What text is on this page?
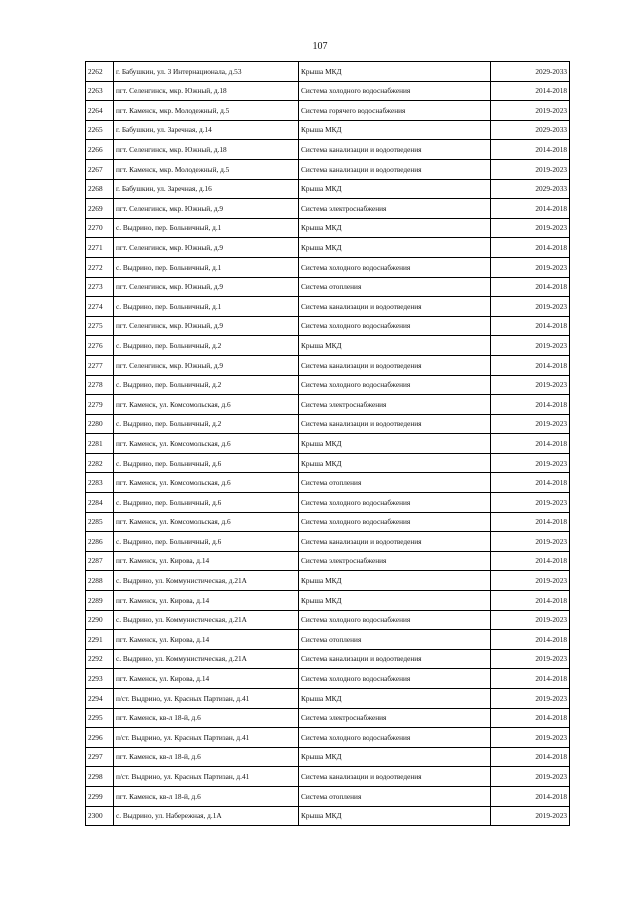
107
2262	г. Бабушкин, ул. 3 Интернационала, д.53	Крыша МКД	2029-2033
2263	пгт. Селенгинск, мкр. Южный, д.18	Система холодного водоснабжения	2014-2018
2264	пгт. Каменск, мкр. Молодежный, д.5	Система горячего водоснабжения	2019-2023
2265	г. Бабушкин, ул. Заречная, д.14	Крыша МКД	2029-2033
2266	пгт. Селенгинск, мкр. Южный, д.18	Система канализации и водоотведения	2014-2018
2267	пгт. Каменск, мкр. Молодежный, д.5	Система канализации и водоотведения	2019-2023
2268	г. Бабушкин, ул. Заречная, д.16	Крыша МКД	2029-2033
2269	пгт. Селенгинск, мкр. Южный, д.9	Система электроснабжения	2014-2018
2270	с. Выдрино, пер. Больничный, д.1	Крыша МКД	2019-2023
2271	пгт. Селенгинск, мкр. Южный, д.9	Крыша МКД	2014-2018
2272	с. Выдрино, пер. Больничный, д.1	Система холодного водоснабжения	2019-2023
2273	пгт. Селенгинск, мкр. Южный, д.9	Система отопления	2014-2018
2274	с. Выдрино, пер. Больничный, д.1	Система канализации и водоотведения	2019-2023
2275	пгт. Селенгинск, мкр. Южный, д.9	Система холодного водоснабжения	2014-2018
2276	с. Выдрино, пер. Больничный, д.2	Крыша МКД	2019-2023
2277	пгт. Селенгинск, мкр. Южный, д.9	Система канализации и водоотведения	2014-2018
2278	с. Выдрино, пер. Больничный, д.2	Система холодного водоснабжения	2019-2023
2279	пгт. Каменск, ул. Комсомольская, д.6	Система электроснабжения	2014-2018
2280	с. Выдрино, пер. Больничный, д.2	Система канализации и водоотведения	2019-2023
2281	пгт. Каменск, ул. Комсомольская, д.6	Крыша МКД	2014-2018
2282	с. Выдрино, пер. Больничный, д.6	Крыша МКД	2019-2023
2283	пгт. Каменск, ул. Комсомольская, д.6	Система отопления	2014-2018
2284	с. Выдрино, пер. Больничный, д.6	Система холодного водоснабжения	2019-2023
2285	пгт. Каменск, ул. Комсомольская, д.6	Система холодного водоснабжения	2014-2018
2286	с. Выдрино, пер. Больничный, д.6	Система канализации и водоотведения	2019-2023
2287	пгт. Каменск, ул. Кирова, д.14	Система электроснабжения	2014-2018
2288	с. Выдрино, ул. Коммунистическая, д.21А	Крыша МКД	2019-2023
2289	пгт. Каменск, ул. Кирова, д.14	Крыша МКД	2014-2018
2290	с. Выдрино, ул. Коммунистическая, д.21А	Система холодного водоснабжения	2019-2023
2291	пгт. Каменск, ул. Кирова, д.14	Система отопления	2014-2018
2292	с. Выдрино, ул. Коммунистическая, д.21А	Система канализации и водоотведения	2019-2023
2293	пгт. Каменск, ул. Кирова, д.14	Система холодного водоснабжения	2014-2018
2294	п/ст. Выдрино, ул. Красных Партизан, д.41	Крыша МКД	2019-2023
2295	пгт. Каменск, кв-л 18-й, д.6	Система электроснабжения	2014-2018
2296	п/ст. Выдрино, ул. Красных Партизан, д.41	Система холодного водоснабжения	2019-2023
2297	пгт. Каменск, кв-л 18-й, д.6	Крыша МКД	2014-2018
2298	п/ст. Выдрино, ул. Красных Партизан, д.41	Система канализации и водоотведения	2019-2023
2299	пгт. Каменск, кв-л 18-й, д.6	Система отопления	2014-2018
2300	с. Выдрино, ул. Набережная, д.1А	Крыша МКД	2019-2023
